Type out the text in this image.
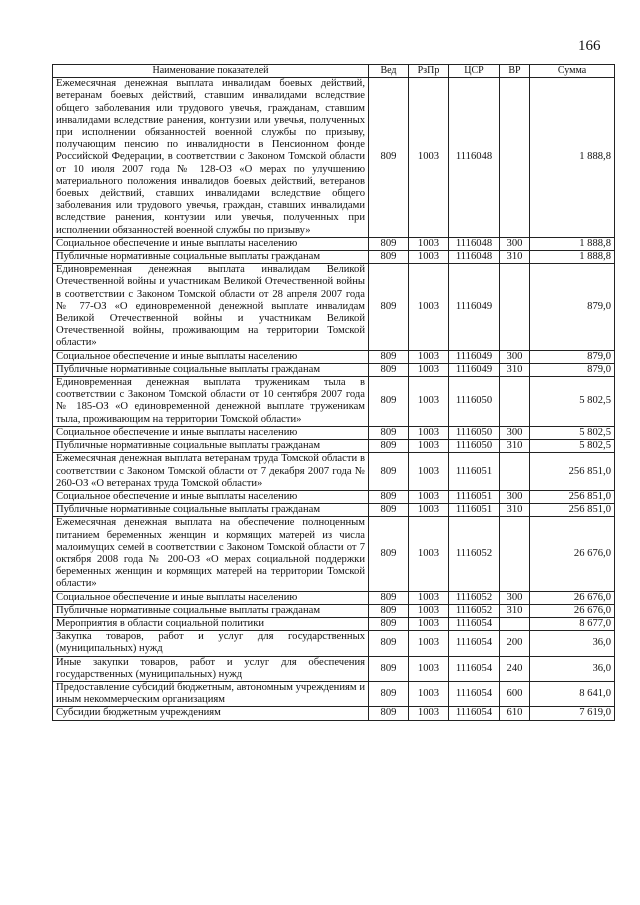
166
Наименование показателей	Вед	РзПр	ЦСР	ВР	Сумма
Ежемесячная денежная выплата инвалидам боевых действий, ветеранам боевых действий, ставшим инвалидами вследствие общего заболевания или трудового увечья, гражданам, ставшим инвалидами вследствие ранения, контузии или увечья, полученных при исполнении обязанностей военной службы по призыву, получающим пенсию по инвалидности в Пенсионном фонде Российской Федерации, в соответствии с Законом Томской области от 10 июля 2007 года № 128-ОЗ «О мерах по улучшению материального положения инвалидов боевых действий, ветеранов боевых действий, ставших инвалидами вследствие общего заболевания или трудового увечья, граждан, ставших инвалидами вследствие ранения, контузии или увечья, полученных при исполнении обязанностей военной службы по призыву»	809	1003	1116048		1 888,8
Социальное обеспечение и иные выплаты населению	809	1003	1116048	300	1 888,8
Публичные нормативные социальные выплаты гражданам	809	1003	1116048	310	1 888,8
Единовременная денежная выплата инвалидам Великой Отечественной войны и участникам Великой Отечественной войны в соответствии с Законом Томской области от 28 апреля 2007 года № 77-ОЗ «О единовременной денежной выплате инвалидам Великой Отечественной войны и участникам Великой Отечественной войны, проживающим на территории Томской области»	809	1003	1116049		879,0
Социальное обеспечение и иные выплаты населению	809	1003	1116049	300	879,0
Публичные нормативные социальные выплаты гражданам	809	1003	1116049	310	879,0
Единовременная денежная выплата труженикам тыла в соответствии с Законом Томской области от 10 сентября 2007 года № 185-ОЗ «О единовременной денежной выплате труженикам тыла, проживающим на территории Томской области»	809	1003	1116050		5 802,5
Социальное обеспечение и иные выплаты населению	809	1003	1116050	300	5 802,5
Публичные нормативные социальные выплаты гражданам	809	1003	1116050	310	5 802,5
Ежемесячная денежная выплата ветеранам труда Томской области в соответствии с Законом Томской области от 7 декабря 2007 года № 260-ОЗ «О ветеранах труда Томской области»	809	1003	1116051		256 851,0
Социальное обеспечение и иные выплаты населению	809	1003	1116051	300	256 851,0
Публичные нормативные социальные выплаты гражданам	809	1003	1116051	310	256 851,0
Ежемесячная денежная выплата на обеспечение полноценным питанием беременных женщин и кормящих матерей из числа малоимущих семей в соответствии с Законом Томской области от 7 октября 2008 года № 200-ОЗ «О мерах социальной поддержки беременных женщин и кормящих матерей на территории Томской области»	809	1003	1116052		26 676,0
Социальное обеспечение и иные выплаты населению	809	1003	1116052	300	26 676,0
Публичные нормативные социальные выплаты гражданам	809	1003	1116052	310	26 676,0
Мероприятия в области социальной политики	809	1003	1116054		8 677,0
Закупка товаров, работ и услуг для государственных (муниципальных) нужд	809	1003	1116054	200	36,0
Иные закупки товаров, работ и услуг для обеспечения государственных (муниципальных) нужд	809	1003	1116054	240	36,0
Предоставление субсидий бюджетным, автономным учреждениям и иным некоммерческим организациям	809	1003	1116054	600	8 641,0
Субсидии бюджетным учреждениям	809	1003	1116054	610	7 619,0
